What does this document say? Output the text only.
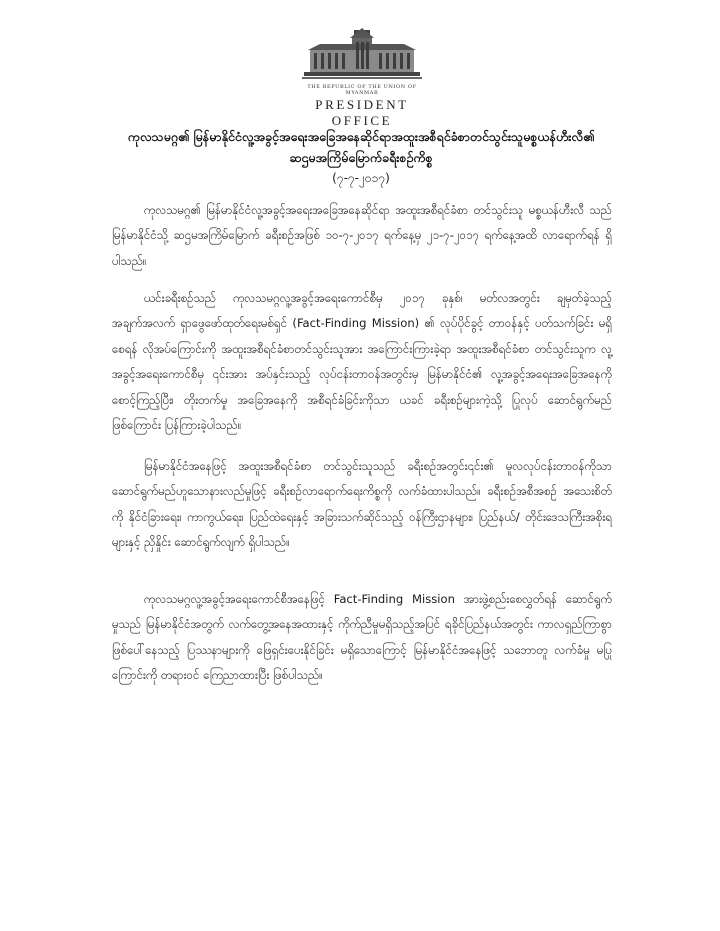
THE REPUBLIC OF THE UNION OF MYANMAR
PRESIDENT OFFICE
ကုလသမဂ္ဂ၏ မြန်မာနိုင်ငံလူ့အခွင့်အရေးအခြေအနေဆိုင်ရာအထူးအစီရင်ခံစာတင်သွင်းသူမစ္စယန်ဟီးလီ၏
ဆဌမအကြိမ်မြောက်ခရီးစဉ်ကိစ္စ
(၇-၇-၂၀၁၇)
ကုလသမဂ္ဂ၏ မြန်မာနိုင်ငံလူ့အခွင့်အရေးအခြေအနေဆိုင်ရာ အထူးအစီရင်ခံစာ တင်သွင်းသူ မစ္စယန်ဟီးလီ သည် မြန်မာနိုင်ငံသို့ ဆဌမအကြိမ်မြောက် ခရီးစဉ်အဖြစ် ၁၀-၇-၂၀၁၇ ရက်နေ့မှ ၂၁-၇-၂၀၁၇ ရက်နေ့အထိ လာရောက်ရန် ရှိပါသည်။
ယင်းခရီးစဉ်သည် ကုလသမဂ္ဂလူ့အခွင့်အရေးကောင်စီမှ ၂၀၁၇ ခုနှစ်၊ မတ်လအတွင်း ချမှတ်ခဲ့သည့် အချက်အလက် ရှာဖွေဖော်ထုတ်ရေးမစ်ရှင် (Fact-Finding Mission) ၏ လုပ်ပိုင်ခွင့် တာဝန်နှင့် ပတ်သက်ခြင်း မရှိစေရန် လိုအပ်ကြောင်းကို အထူးအစီရင်ခံစာတင်သွင်းသူအား အကြောင်းကြားခဲ့ရာ အထူးအစီရင်ခံစာ တင်သွင်းသူက လူ့အခွင့်အရေးကောင်စီမှ ၎င်းအား အပ်နှင်းသည့် လုပ်ငန်းတာဝန်အတွင်းမှ မြန်မာနိုင်ငံ၏ လူ့အခွင့်အရေးအခြေအနေကို စောင့်ကြည့်ပြီး၊ တိုးတက်မှု အခြေအနေကို အစီရင်ခံခြင်းကိုသာ ယခင် ခရီးစဉ်များကဲ့သို့ ပြုလုပ် ဆောင်ရွက်မည် ဖြစ်ကြောင်း ပြန်ကြားခဲ့ပါသည်။
မြန်မာနိုင်ငံအနေဖြင့် အထူးအစီရင်ခံစာ တင်သွင်းသူသည် ခရီးစဉ်အတွင်း၎င်း၏ မူလလုပ်ငန်းတာဝန်ကိုသာ ဆောင်ရွက်မည်ဟူသောနားလည်မှုဖြင့် ခရီးစဉ်လာရောက်ရေးကိစ္စကို လက်ခံထားပါသည်။ ခရီးစဉ်အစီအစဉ် အသေးစိတ်ကို နိုင်ငံခြားရေး၊ ကာကွယ်ရေး၊ ပြည်ထဲရေးနှင့် အခြားသက်ဆိုင်သည့် ဝန်ကြီးဌာနများ၊ ပြည်နယ်/ တိုင်းဒေသကြီးအစိုးရများနှင့် ညှိနှိုင်း ဆောင်ရွက်လျက် ရှိပါသည်။
ကုလသမဂ္ဂလူ့အခွင့်အရေးကောင်စီအနေဖြင့် Fact-Finding Mission အားဖွဲ့စည်းစေလွှတ်ရန် ဆောင်ရွက်မှုသည် မြန်မာနိုင်ငံအတွက် လက်တွေ့အနေအထားနှင့် ကိုက်ညီမှုမရှိသည့်အပြင် ရခိုင်ပြည်နယ်အတွင်း ကာလရှည်ကြာစွာ ဖြစ်ပေါ်နေသည့် ပြဿနာများကို ဖြေရှင်းပေးနိုင်ခြင်း မရှိသောကြောင့် မြန်မာနိုင်ငံအနေဖြင့် သဘောတူ လက်ခံမှု မပြုကြောင်းကို တရားဝင် ကြေညာထားပြီး ဖြစ်ပါသည်။
